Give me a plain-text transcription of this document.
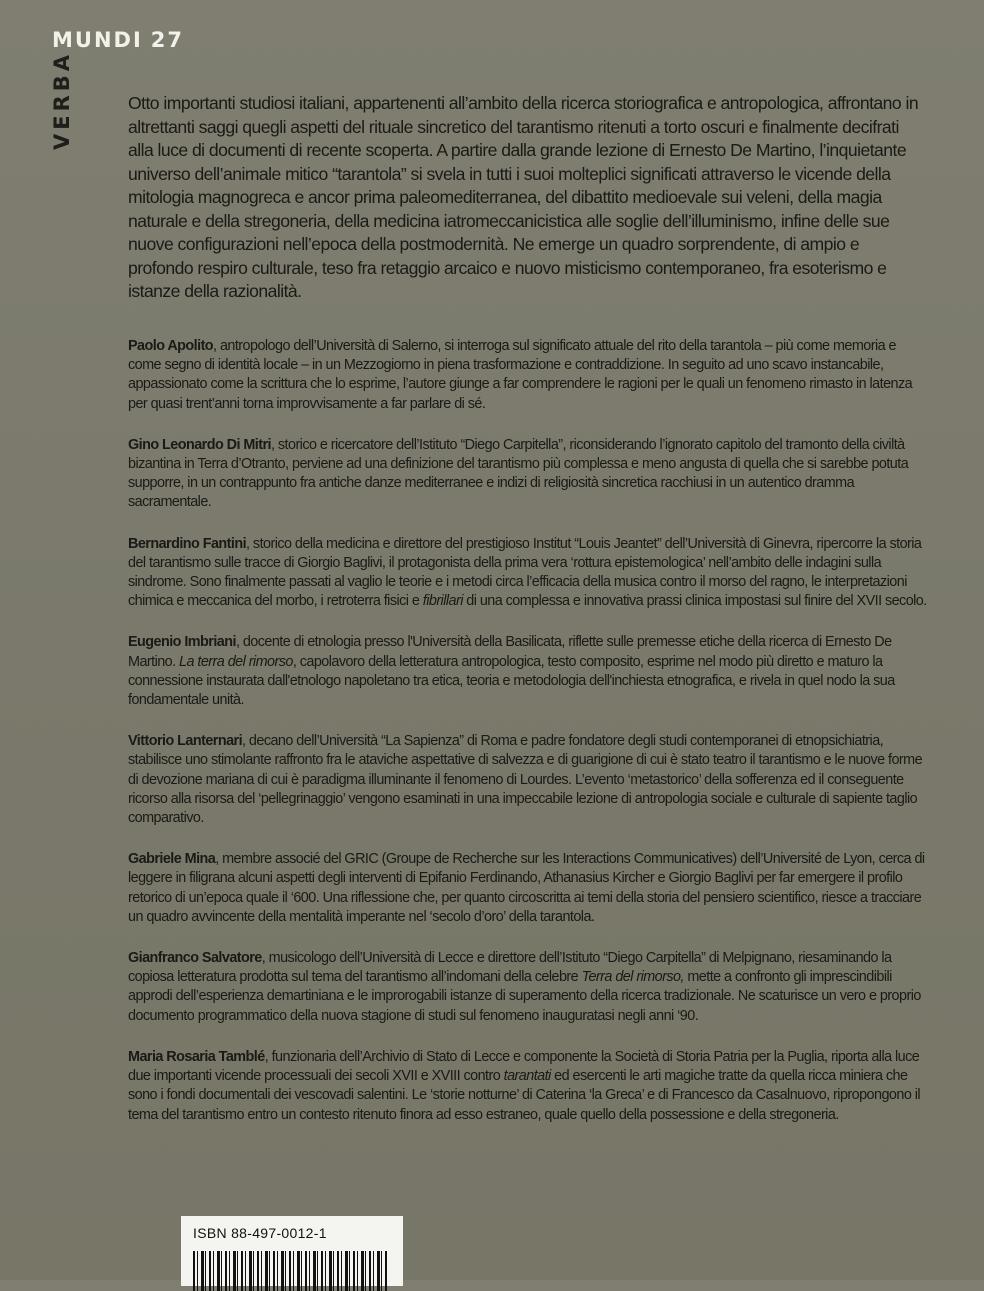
MUNDI 27
VERBA	Otto importanti studiosi italiani, appartenenti all’ambito della ricerca storiografica e antropologica, affrontano in altrettanti saggi quegli aspetti del rituale sincretico del tarantismo ritenuti a torto oscuri e finalmente decifrati alla luce di documenti di recente scoperta. A partire dalla grande lezione di Ernesto De Martino, l’inquietante universo dell’animale mitico “tarantola” si svela in tutti i suoi molteplici significati attraverso le vicende della mitologia magnogreca e ancor prima paleomediterranea, del dibattito medioevale sui veleni, della magia naturale e della stregoneria, della medicina iatromeccanicistica alle soglie dell’illuminismo, infine delle sue nuove configurazioni nell’epoca della postmodernità. Ne emerge un quadro sorprendente, di ampio e profondo respiro culturale, teso fra retaggio arcaico e nuovo misticismo contemporaneo, fra esoterismo e istanze della razionalità.

Paolo Apolito, antropologo dell’Università di Salerno, si interroga sul significato attuale del rito della tarantola – più come memoria e come segno di identità locale – in un Mezzogiorno in piena trasformazione e contraddizione. In seguito ad uno scavo instancabile, appassionato come la scrittura che lo esprime, l’autore giunge a far comprendere le ragioni per le quali un fenomeno rimasto in latenza per quasi trent’anni torna improvvisamente a far parlare di sé.

Gino Leonardo Di Mitri, storico e ricercatore dell’Istituto “Diego Carpitella”, riconsiderando l’ignorato capitolo del tramonto della civiltà bizantina in Terra d’Otranto, perviene ad una definizione del tarantismo più complessa e meno angusta di quella che si sarebbe potuta supporre, in un contrappunto fra antiche danze mediterranee e indizi di religiosità sincretica racchiusi in un autentico dramma sacramentale.

Bernardino Fantini, storico della medicina e direttore del prestigioso Institut “Louis Jeantet” dell’Università di Ginevra, ripercorre la storia del tarantismo sulle tracce di Giorgio Baglivi, il protagonista della prima vera ‘rottura epistemologica’ nell’ambito delle indagini sulla sindrome. Sono finalmente passati al vaglio le teorie e i metodi circa l’efficacia della musica contro il morso del ragno, le interpretazioni chimica e meccanica del morbo, i retroterra fisici e fibrillari di una complessa e innovativa prassi clinica impostasi sul finire del XVII secolo.

Eugenio Imbriani, docente di etnologia presso l'Università della Basilicata, riflette sulle premesse etiche della ricerca di Ernesto De Martino. La terra del rimorso, capolavoro della letteratura antropologica, testo composito, esprime nel modo più diretto e maturo la connessione instaurata dall'etnologo napoletano tra etica, teoria e metodologia dell'inchiesta etnografica, e rivela in quel nodo la sua fondamentale unità.

Vittorio Lanternari, decano dell’Università “La Sapienza” di Roma e padre fondatore degli studi contemporanei di etnopsichiatria, stabilisce uno stimolante raffronto fra le ataviche aspettative di salvezza e di guarigione di cui è stato teatro il tarantismo e le nuove forme di devozione mariana di cui è paradigma illuminante il fenomeno di Lourdes. L’evento ‘metastorico’ della sofferenza ed il conseguente ricorso alla risorsa del ‘pellegrinaggio’ vengono esaminati in una impeccabile lezione di antropologia sociale e culturale di sapiente taglio comparativo.

Gabriele Mina, membre associé del GRIC (Groupe de Recherche sur les Interactions Communicatives) dell’Université de Lyon, cerca di leggere in filigrana alcuni aspetti degli interventi di Epifanio Ferdinando, Athanasius Kircher e Giorgio Baglivi per far emergere il profilo retorico di un’epoca quale il ‘600. Una riflessione che, per quanto circoscritta ai temi della storia del pensiero scientifico, riesce a tracciare un quadro avvincente della mentalità imperante nel ‘secolo d’oro’ della tarantola.

Gianfranco Salvatore, musicologo dell’Università di Lecce e direttore dell’Istituto “Diego Carpitella” di Melpignano, riesaminando la copiosa letteratura prodotta sul tema del tarantismo all’indomani della celebre Terra del rimorso, mette a confronto gli imprescindibili approdi dell’esperienza demartiniana e le improrogabili istanze di superamento della ricerca tradizionale. Ne scaturisce un vero e proprio documento programmatico della nuova stagione di studi sul fenomeno inauguratasi negli anni ‘90.

Maria Rosaria Tamblé, funzionaria dell’Archivio di Stato di Lecce e componente la Società di Storia Patria per la Puglia, riporta alla luce due importanti vicende processuali dei secoli XVII e XVIII contro tarantati ed esercenti le arti magiche tratte da quella ricca miniera che sono i fondi documentali dei vescovadi salentini. Le ‘storie notturne’ di Caterina ‘la Greca’ e di Francesco da Casalnuovo, ripropongono il tema del tarantismo entro un contesto ritenuto finora ad esso estraneo, quale quello della possessione e della stregoneria.

ISBN 88-497-0012-1
